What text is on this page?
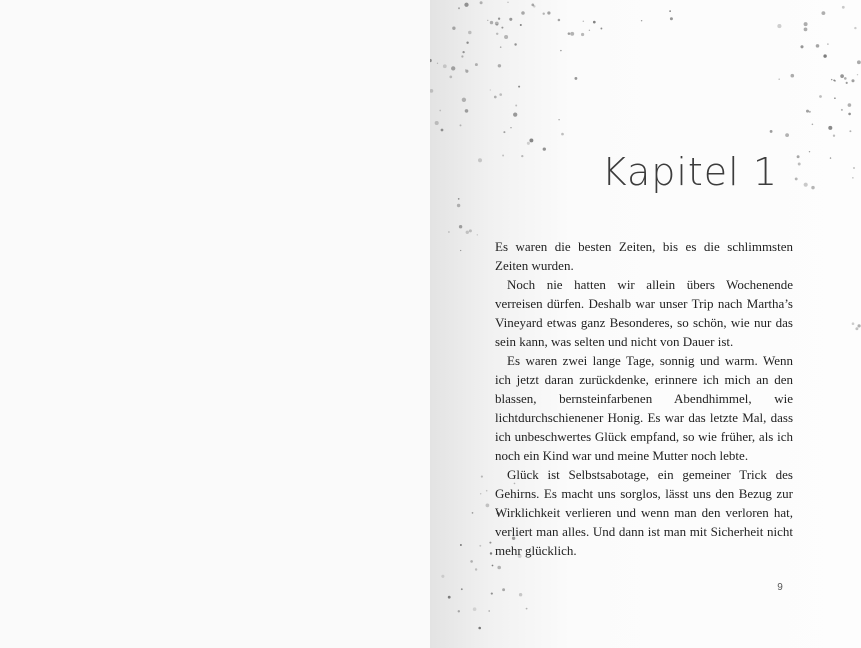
Kapitel 1

Es waren die besten Zeiten, bis es die schlimmsten Zeiten wurden.

Noch nie hatten wir allein übers Wochenende verreisen dürfen. Deshalb war unser Trip nach Martha’s Vineyard etwas ganz Besonderes, so schön, wie nur das sein kann, was selten und nicht von Dauer ist.

Es waren zwei lange Tage, sonnig und warm. Wenn ich jetzt daran zurückdenke, erinnere ich mich an den blassen, bernsteinfarbenen Abendhimmel, wie lichtdurchschienener Honig. Es war das letzte Mal, dass ich unbeschwertes Glück empfand, so wie früher, als ich noch ein Kind war und meine Mutter noch lebte.

Glück ist Selbstsabotage, ein gemeiner Trick des Gehirns. Es macht uns sorglos, lässt uns den Bezug zur Wirklichkeit verlieren und wenn man den verloren hat, verliert man alles. Und dann ist man mit Sicherheit nicht mehr glücklich.

9
